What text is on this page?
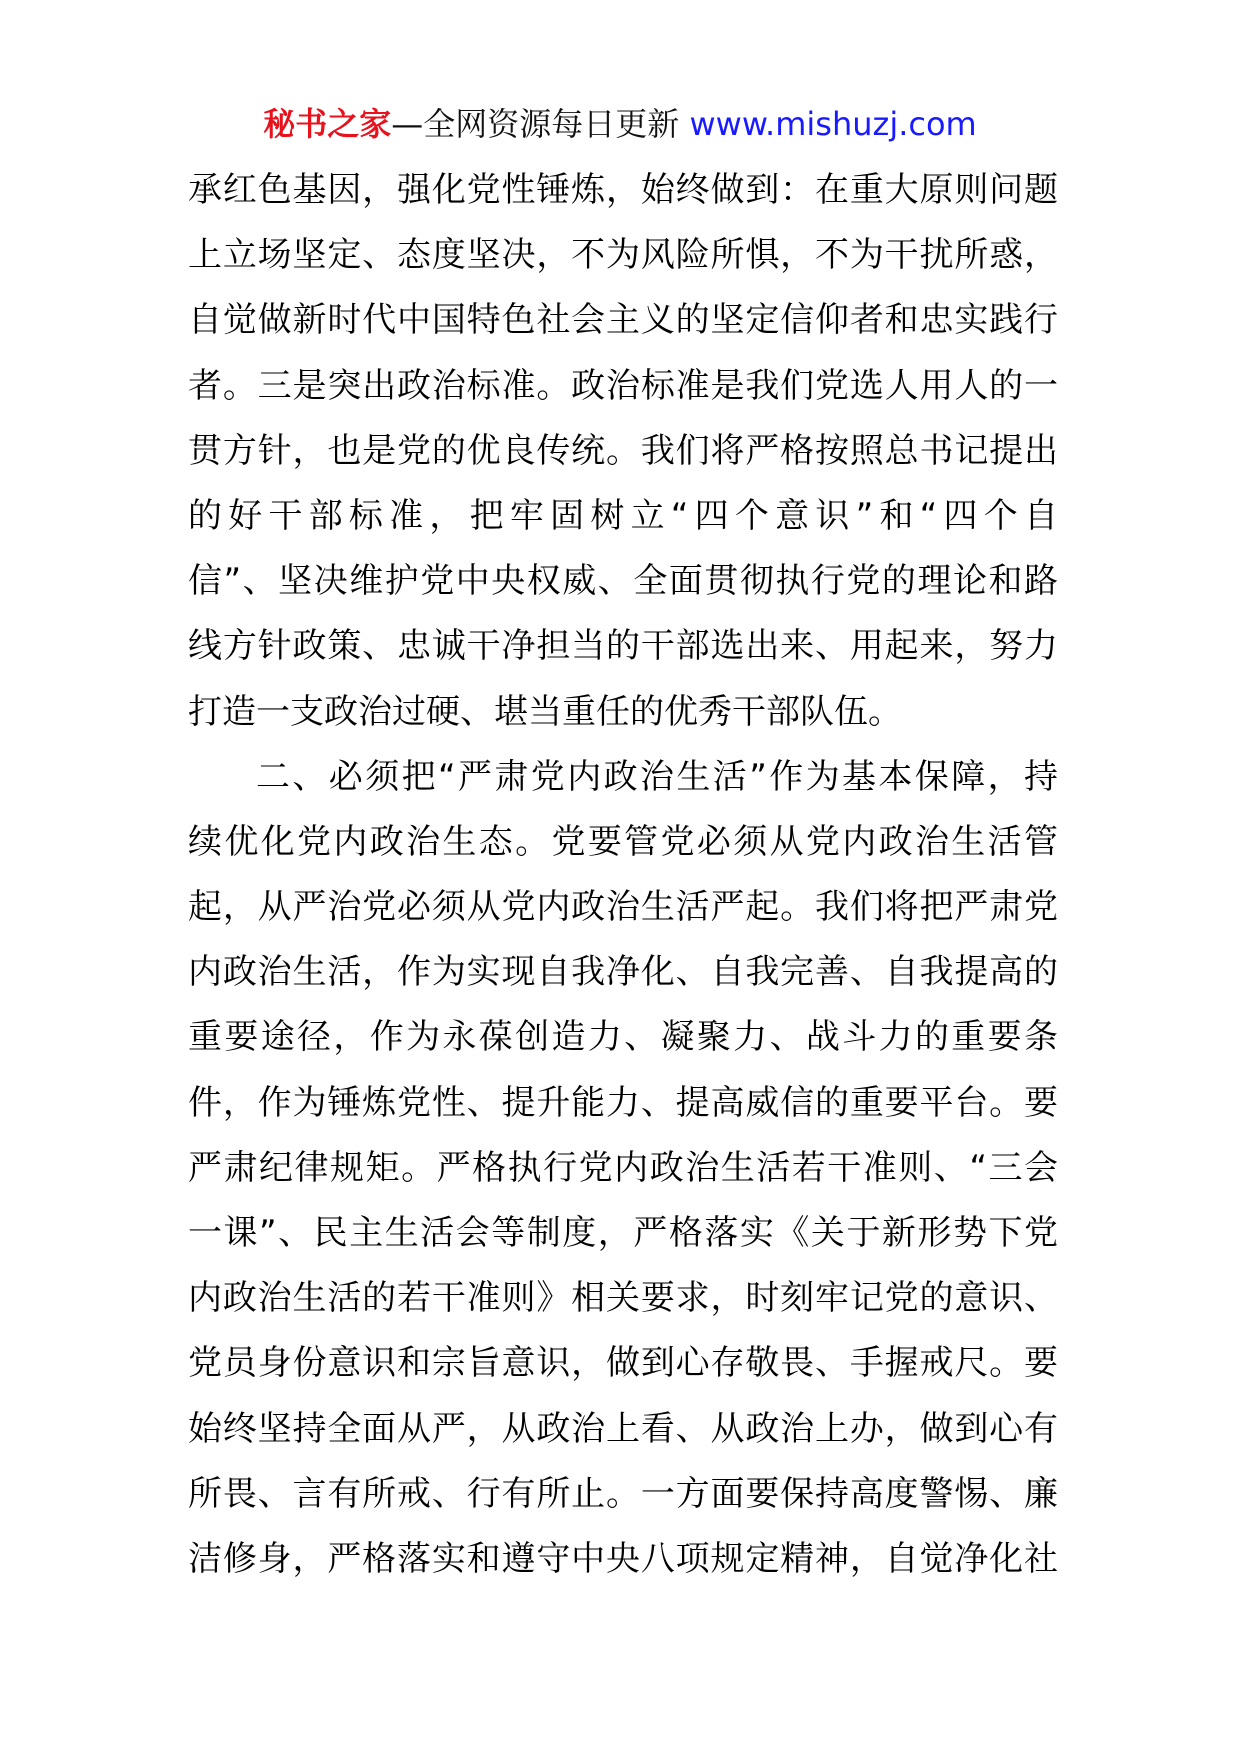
秘书之家—全网资源每日更新 www.mishuzj.com
承红色基因，强化党性锤炼，始终做到：在重大原则问题
上立场坚定、态度坚决，不为风险所惧，不为干扰所惑，
自觉做新时代中国特色社会主义的坚定信仰者和忠实践行
者。三是突出政治标准。政治标准是我们党选人用人的一
贯方针，也是党的优良传统。我们将严格按照总书记提出
的好干部标准，把牢固树立“四个意识”和“四个自
信”、坚决维护党中央权威、全面贯彻执行党的理论和路
线方针政策、忠诚干净担当的干部选出来、用起来，努力
打造一支政治过硬、堪当重任的优秀干部队伍。
二、必须把“严肃党内政治生活”作为基本保障，持
续优化党内政治生态。党要管党必须从党内政治生活管
起，从严治党必须从党内政治生活严起。我们将把严肃党
内政治生活，作为实现自我净化、自我完善、自我提高的
重要途径，作为永葆创造力、凝聚力、战斗力的重要条
件，作为锤炼党性、提升能力、提高威信的重要平台。要
严肃纪律规矩。严格执行党内政治生活若干准则、“三会
一课”、民主生活会等制度，严格落实《关于新形势下党
内政治生活的若干准则》相关要求，时刻牢记党的意识、
党员身份意识和宗旨意识，做到心存敬畏、手握戒尺。要
始终坚持全面从严，从政治上看、从政治上办，做到心有
所畏、言有所戒、行有所止。一方面要保持高度警惕、廉
洁修身，严格落实和遵守中央八项规定精神，自觉净化社
